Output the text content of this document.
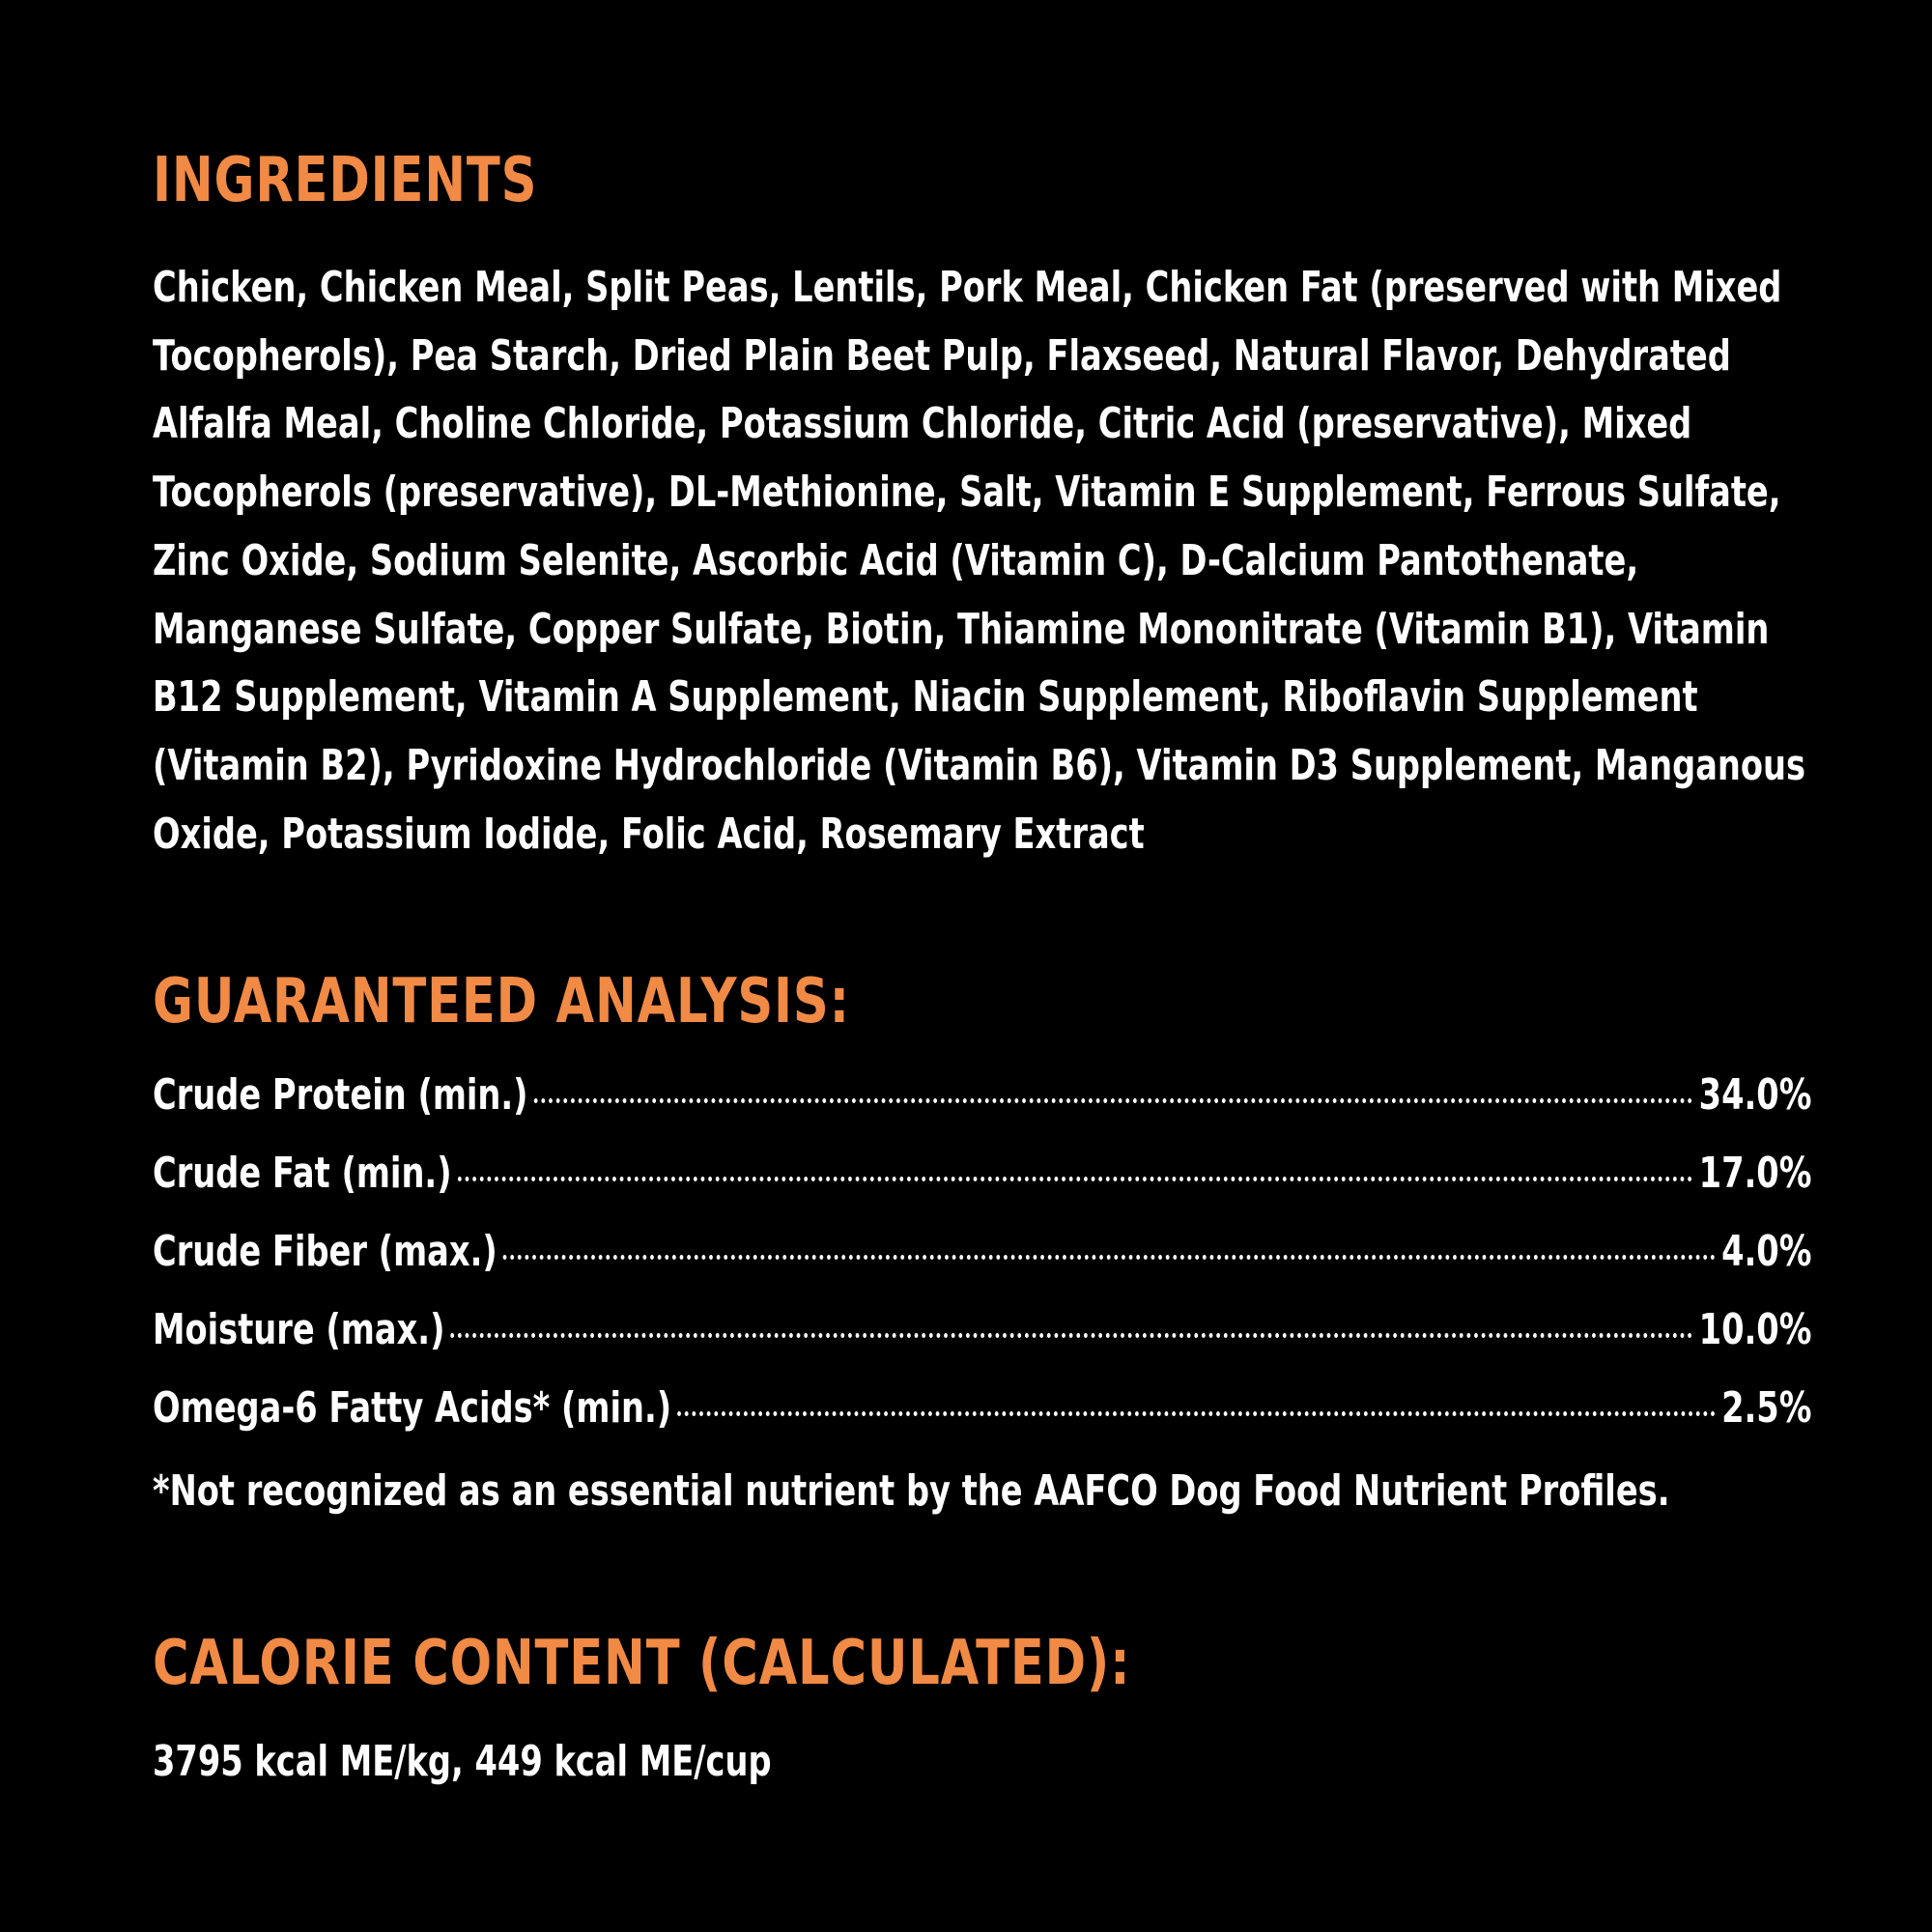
INGREDIENTS

Chicken, Chicken Meal, Split Peas, Lentils, Pork Meal, Chicken Fat (preserved with Mixed Tocopherols), Pea Starch, Dried Plain Beet Pulp, Flaxseed, Natural Flavor, Dehydrated Alfalfa Meal, Choline Chloride, Potassium Chloride, Citric Acid (preservative), Mixed Tocopherols (preservative), DL-Methionine, Salt, Vitamin E Supplement, Ferrous Sulfate, Zinc Oxide, Sodium Selenite, Ascorbic Acid (Vitamin C), D-Calcium Pantothenate, Manganese Sulfate, Copper Sulfate, Biotin, Thiamine Mononitrate (Vitamin B1), Vitamin B12 Supplement, Vitamin A Supplement, Niacin Supplement, Riboflavin Supplement (Vitamin B2), Pyridoxine Hydrochloride (Vitamin B6), Vitamin D3 Supplement, Manganous Oxide, Potassium Iodide, Folic Acid, Rosemary Extract

GUARANTEED ANALYSIS:
Crude Protein (min.)	34.0%
Crude Fat (min.)	17.0%
Crude Fiber (max.)	4.0%
Moisture (max.)	10.0%
Omega-6 Fatty Acids* (min.)	2.5%

*Not recognized as an essential nutrient by the AAFCO Dog Food Nutrient Profiles.

CALORIE CONTENT (CALCULATED):

3795 kcal ME/kg, 449 kcal ME/cup
